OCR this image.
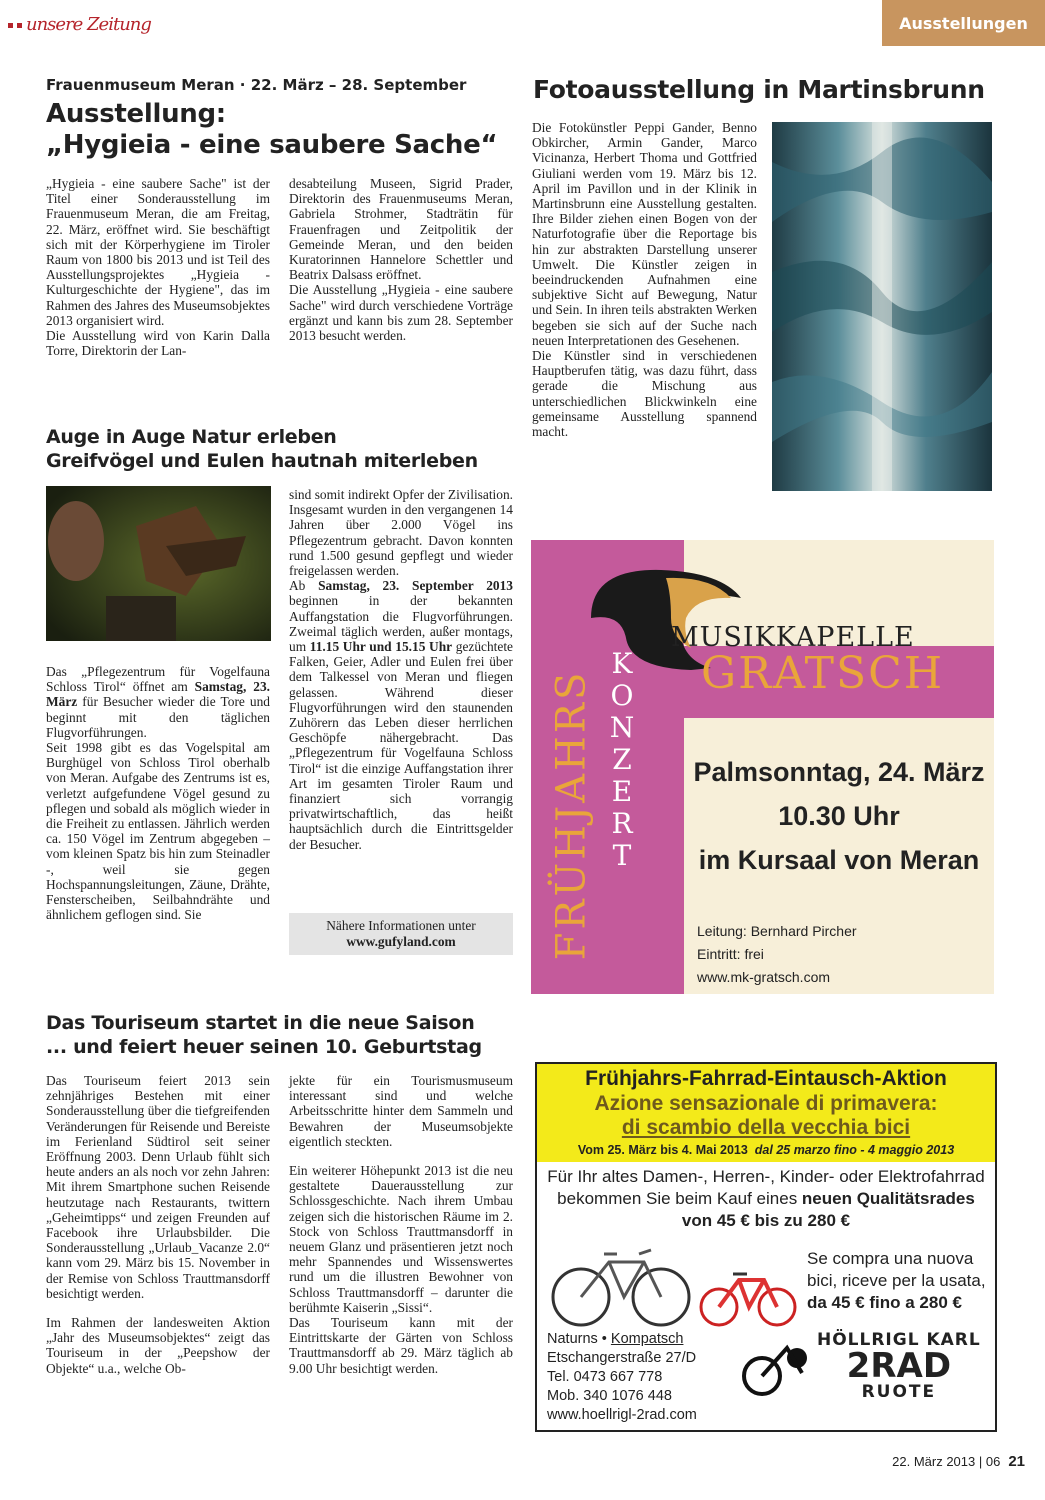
unsere Zeitung	Ausstellungen
Frauenmuseum Meran · 22. März – 28. September
Ausstellung:
„Hygieia - eine saubere Sache“

„Hygieia - eine saubere Sache" ist der Titel einer Sonderausstellung im Frauenmuseum Meran, die am Freitag, 22. März, eröffnet wird. Sie beschäftigt sich mit der Körperhygiene im Tiroler Raum von 1800 bis 2013 und ist Teil des Ausstellungsprojektes „Hygieia - Kulturgeschichte der Hygiene", das im Rahmen des Jahres des Museumsobjektes 2013 organisiert wird.

Die Ausstellung wird von Karin Dalla Torre, Direktorin der Lan-

desabteilung Museen, Sigrid Prader, Direktorin des Frauenmuseums Meran, Gabriela Strohmer, Stadträtin für Frauenfragen und Zeitpolitik der Gemeinde Meran, und den beiden Kuratorinnen Hannelore Schettler und Beatrix Dalsass eröffnet.

Die Ausstellung „Hygieia - eine saubere Sache" wird durch verschiedene Vorträge ergänzt und kann bis zum 28. September 2013 besucht werden.

Fotoausstellung in Martinsbrunn

Die Fotokünstler Peppi Gander, Benno Obkircher, Armin Gander, Marco Vicinanza, Herbert Thoma und Gottfried Giuliani werden vom 19. März bis 12. April im Pavillon und in der Klinik in Martinsbrunn eine Ausstellung gestalten. Ihre Bilder ziehen einen Bogen von der Naturfotografie über die Reportage bis hin zur abstrakten Darstellung unserer Umwelt. Die Künstler zeigen in beeindruckenden Aufnahmen eine subjektive Sicht auf Bewegung, Natur und Sein. In ihren teils abstrakten Werken begeben sie sich auf der Suche nach neuen Interpretationen des Gesehenen.

Die Künstler sind in verschiedenen Hauptberufen tätig, was dazu führt, dass gerade die Mischung aus unterschiedlichen Blickwinkeln eine gemeinsame Ausstellung spannend macht.

Auge in Auge Natur erleben
Greifvögel und Eulen hautnah miterleben

Das „Pflegezentrum für Vogelfauna Schloss Tirol“ öffnet am Samstag, 23. März für Besucher wieder die Tore und beginnt mit den täglichen Flugvorführungen.

Seit 1998 gibt es das Vogelspital am Burghügel von Schloss Tirol oberhalb von Meran. Aufgabe des Zentrums ist es, verletzt aufgefundene Vögel gesund zu pflegen und sobald als möglich wieder in die Freiheit zu entlassen. Jährlich werden ca. 150 Vögel im Zentrum abgegeben – vom kleinen Spatz bis hin zum Steinadler -, weil sie gegen Hochspannungsleitungen, Zäune, Drähte, Fensterscheiben, Seilbahndrähte und ähnlichem geflogen sind. Sie

sind somit indirekt Opfer der Zivilisation. Insgesamt wurden in den vergangenen 14 Jahren über 2.000 Vögel ins Pflegezentrum gebracht. Davon konnten rund 1.500 gesund gepflegt und wieder freigelassen werden.

Ab Samstag, 23. September 2013 beginnen in der bekannten Auffangstation die Flugvorführungen. Zweimal täglich werden, außer montags, um 11.15 Uhr und 15.15 Uhr gezüchtete Falken, Geier, Adler und Eulen frei über dem Talkessel von Meran und fliegen gelassen. Während dieser Flugvorführungen wird den staunenden Zuhörern das Leben dieser herrlichen Geschöpfe nähergebracht. Das „Pflegezentrum für Vogelfauna Schloss Tirol“ ist die einzige Auffangstation ihrer Art im gesamten Tiroler Raum und finanziert sich vorrangig privatwirtschaftlich, das heißt hauptsächlich durch die Eintrittsgelder der Besucher.

Nähere Informationen unter
www.gufyland.com
Das Touriseum startet in die neue Saison
... und feiert heuer seinen 10. Geburtstag

Das Touriseum feiert 2013 sein zehnjähriges Bestehen mit einer Sonderausstellung über die tiefgreifenden Veränderungen für Reisende und Bereiste im Ferienland Südtirol seit seiner Eröffnung 2003. Denn Urlaub fühlt sich heute anders an als noch vor zehn Jahren: Mit ihrem Smartphone suchen Reisende heutzutage nach Restaurants, twittern „Geheimtipps“ und zeigen Freunden auf Facebook ihre Urlaubsbilder. Die Sonderausstellung „Urlaub_Vacanze 2.0“ kann vom 29. März bis 15. November in der Remise von Schloss Trauttmansdorff besichtigt werden.

Im Rahmen der landesweiten Aktion „Jahr des Museumsobjektes“ zeigt das Touriseum in der „Peepshow der Objekte“ u.a., welche Ob-

jekte für ein Tourismusmuseum interessant sind und welche Arbeitsschritte hinter dem Sammeln und Bewahren der Museumsobjekte eigentlich steckten.

Ein weiterer Höhepunkt 2013 ist die neu gestaltete Dauerausstellung zur Schlossgeschichte. Nach ihrem Umbau zeigen sich die historischen Räume im 2. Stock von Schloss Trauttmansdorff in neuem Glanz und präsentieren jetzt noch mehr Spannendes und Wissenswertes rund um die illustren Bewohner von Schloss Trauttmansdorff – darunter die berühmte Kaiserin „Sissi“.

Das Touriseum kann mit der Eintrittskarte der Gärten von Schloss Trauttmansdorff ab 29. März täglich ab 9.00 Uhr besichtigt werden.

MUSIKKAPELLE
GRATSCH
FRÜHJAHRS
K
O
N
Z
E
R
T
Palmsonntag, 24. März
10.30 Uhr
im Kursaal von Meran
Leitung: Bernhard Pircher
Eintritt: frei
www.mk-gratsch.com
Frühjahrs-Fahrrad-Eintausch-Aktion
Azione sensazionale di primavera:
di scambio della vecchia bici
Vom 25. März bis 4. Mai 2013 dal 25 marzo fino - 4 maggio 2013
Für Ihr altes Damen-, Herren-, Kinder- oder Elektrofahrrad
bekommen Sie beim Kauf eines neuen Qualitätsrades
von 45 € bis zu 280 €
Se compra una nuova
bici, riceve per la usata,
da 45 € fino a 280 €
Naturns • Kompatsch
Etschangerstraße 27/D
Tel. 0473 667 778
Mob. 340 1076 448
www.hoellrigl-2rad.com
HÖLLRIGL KARL
2RAD
RUOTE
22. März 2013 | 06 21
